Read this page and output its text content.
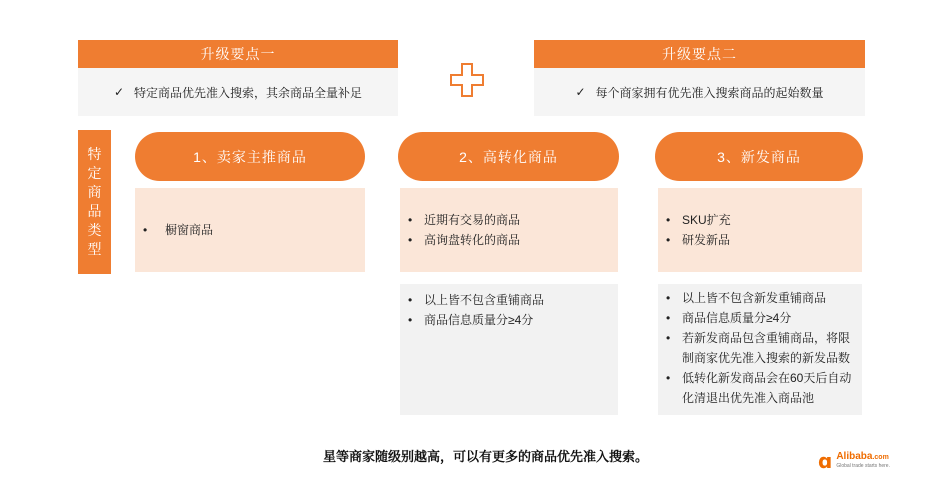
升级要点一
✓ 特定商品优先准入搜索，其余商品全量补足
升级要点二
✓ 每个商家拥有优先准入搜索商品的起始数量
特
定
商
品
类
型
1、卖家主推商品
• 橱窗商品
2、高转化商品
• 近期有交易的商品
• 高询盘转化的商品
• 以上皆不包含重铺商品
• 商品信息质量分≥4分
3、新发商品
• SKU扩充
• 研发新品
• 以上皆不包含新发重铺商品
• 商品信息质量分≥4分
• 若新发商品包含重铺商品，将限制商家优先准入搜索的新发品数
• 低转化新发商品会在60天后自动化清退出优先准入商品池
星等商家随级别越高，可以有更多的商品优先准入搜索。	ɑ Alibaba.com
Global trade starts here.
